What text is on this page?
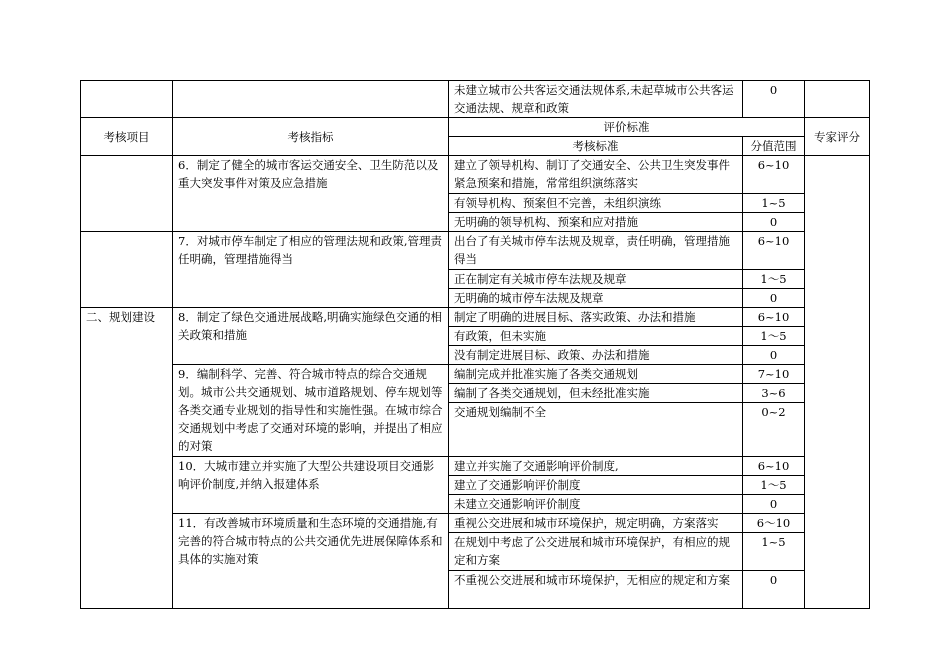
		未建立城市公共客运交通法规体系,未起草城市公共客运交通法规、规章和政策	0	
考核项目	考核指标	评价标准		专家评分
		考核标准	分值范围	
	6．制定了健全的城市客运交通安全、卫生防范以及重大突发事件对策及应急措施	建立了领导机构、制订了交通安全、公共卫生突发事件紧急预案和措施，常常组织演练落实	6~10	
		有领导机构、预案但不完善，未组织演练	1~5	
		无明确的领导机构、预案和应对措施	0	
	7．对城市停车制定了相应的管理法规和政策,管理责任明确，管理措施得当	出台了有关城市停车法规及规章，责任明确，管理措施得当	6~10	
		正在制定有关城市停车法规及规章	1～5	
		无明确的城市停车法规及规章	0	
二、规划建设	8．制定了绿色交通进展战略,明确实施绿色交通的相关政策和措施	制定了明确的进展目标、落实政策、办法和措施	6~10	
		有政策，但未实施	1～5	
		没有制定进展目标、政策、办法和措施	0	
	9．编制科学、完善、符合城市特点的综合交通规划。城市公共交通规划、城市道路规划、停车规划等各类交通专业规划的指导性和实施性强。在城市综合交通规划中考虑了交通对环境的影响，并提出了相应的对策	编制完成并批准实施了各类交通规划	7~10	
		编制了各类交通规划，但未经批准实施	3~6	
		交通规划编制不全	0~2	
	10．大城市建立并实施了大型公共建设项目交通影响评价制度,并纳入报建体系	建立并实施了交通影响评价制度,	6~10	
		建立了交通影响评价制度	1～5	
		未建立交通影响评价制度	0	
	11．有改善城市环境质量和生态环境的交通措施,有完善的符合城市特点的公共交通优先进展保障体系和具体的实施对策	重视公交进展和城市环境保护，规定明确，方案落实	6～10	
		在规划中考虑了公交进展和城市环境保护，有相应的规定和方案	1~5	
		不重视公交进展和城市环境保护，无相应的规定和方案	0	
